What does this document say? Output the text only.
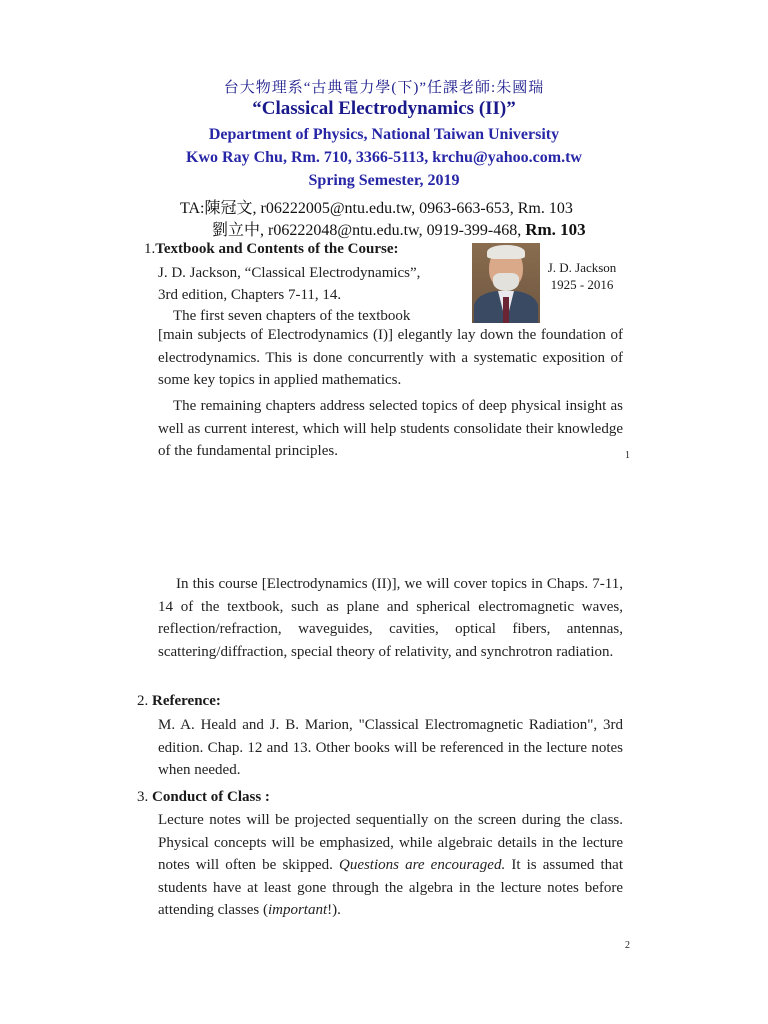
台大物理系“古典電力學(下)”任課老師:朱國瑞
“Classical Electrodynamics (II)”
Department of Physics, National Taiwan University
Kwo Ray Chu, Rm. 710, 3366-5113, krchu@yahoo.com.tw
Spring Semester, 2019
TA:陳冠文, r06222005@ntu.edu.tw, 0963-663-653, Rm. 103
劉立中, r06222048@ntu.edu.tw, 0919-399-468, Rm. 103
1.Textbook and Contents of the Course:
J. D. Jackson, “Classical Electrodynamics”,
3rd edition, Chapters 7-11, 14.
The first seven chapters of the textbook
J. D. Jackson
1925 - 2016
[main subjects of Electrodynamics (I)] elegantly lay down the foundation of electrodynamics. This is done concurrently with a systematic exposition of some key topics in applied mathematics.
The remaining chapters address selected topics of deep physical insight as well as current interest, which will help students consolidate their knowledge of the fundamental principles.	1
In this course [Electrodynamics (II)], we will cover topics in Chaps. 7-11, 14 of the textbook, such as plane and spherical electromagnetic waves, reflection/refraction, waveguides, cavities, optical fibers, antennas, scattering/diffraction, special theory of relativity, and synchrotron radiation.
2. Reference:
M. A. Heald and J. B. Marion, "Classical Electromagnetic Radiation", 3rd edition. Chap. 12 and 13. Other books will be referenced in the lecture notes when needed.
3. Conduct of Class :
Lecture notes will be projected sequentially on the screen during the class. Physical concepts will be emphasized, while algebraic details in the lecture notes will often be skipped. Questions are encouraged. It is assumed that students have at least gone through the algebra in the lecture notes before attending classes (important!).
2
